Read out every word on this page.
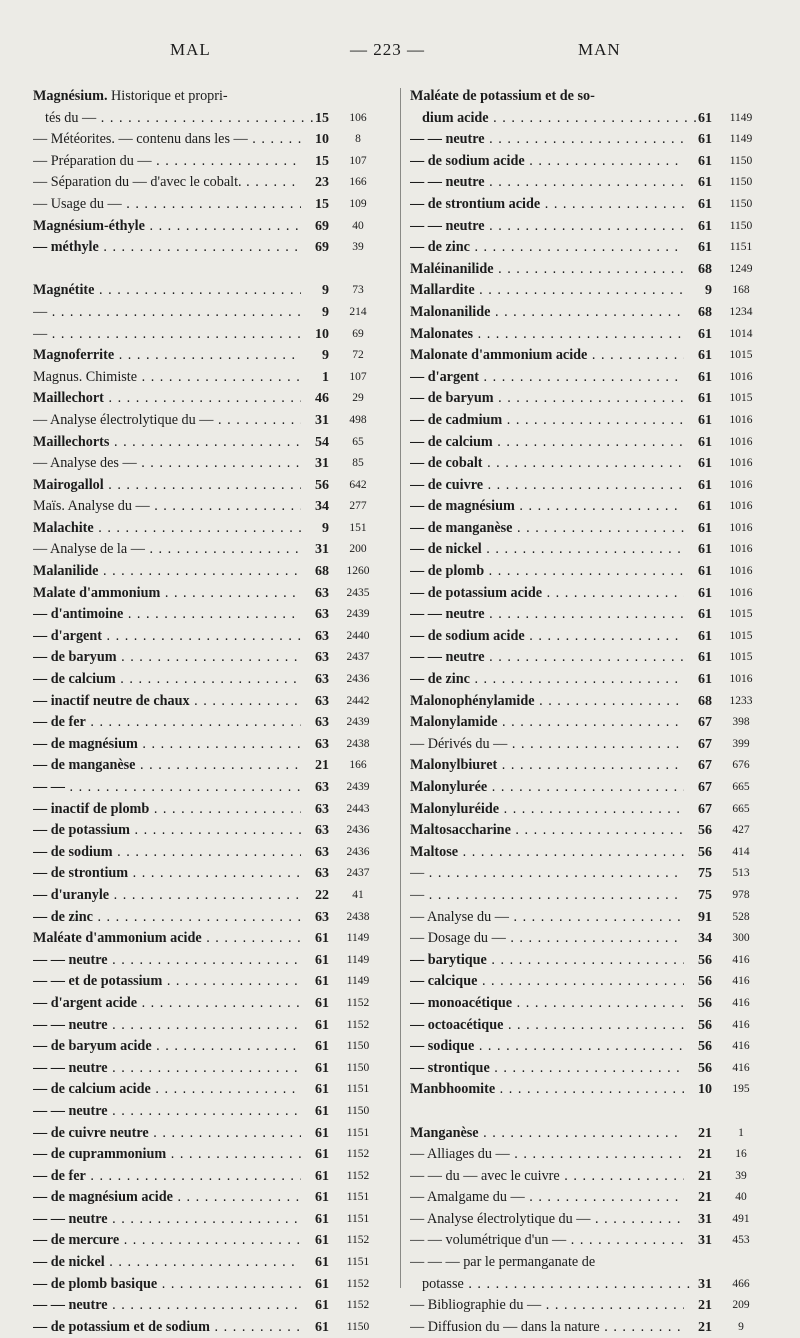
MAL	— 223 —	MAN
Magnésium. Historique et propri-
tés du — . . .	15	106
— Météorites. — contenu dans les — . . .	10	8
— Préparation du — . . .	15	107
— Séparation du — d'avec le cobalt. . . .	23	166
— Usage du — . . .	15	109
Magnésium-éthyle . . .	69	40
— méthyle . . .	69	39
Magnétite . . .	9	73
— . . .	9	214
— . . .	10	69
Magnoferrite . . .	9	72
Magnus. Chimiste . . .	1	107
Maillechort . . .	46	29
— Analyse électrolytique du — . . .	31	498
Maillechorts . . .	54	65
— Analyse des — . . .	31	85
Mairogallol . . .	56	642
Maïs. Analyse du — . . .	34	277
Malachite . . .	9	151
— Analyse de la — . . .	31	200
Malanilide . . .	68	1260
Malate d'ammonium . . .	63	2435
— d'antimoine . . .	63	2439
— d'argent . . .	63	2440
— de baryum . . .	63	2437
— de calcium . . .	63	2436
— inactif neutre de chaux . . .	63	2442
— de fer . . .	63	2439
— de magnésium . . .	63	2438
— de manganèse . . .	21	166
— — . . .	63	2439
— inactif de plomb . . .	63	2443
— de potassium . . .	63	2436
— de sodium . . .	63	2436
— de strontium . . .	63	2437
— d'uranyle . . .	22	41
— de zinc . . .	63	2438
Maléate d'ammonium acide . . .	61	1149
— — neutre . . .	61	1149
— — et de potassium . . .	61	1149
— d'argent acide . . .	61	1152
— — neutre . . .	61	1152
— de baryum acide . . .	61	1150
— — neutre . . .	61	1150
— de calcium acide . . .	61	1151
— — neutre . . .	61	1150
— de cuivre neutre . . .	61	1151
— de cuprammonium . . .	61	1152
— de fer . . .	61	1152
— de magnésium acide . . .	61	1151
— — neutre . . .	61	1151
— de mercure . . .	61	1152
— de nickel . . .	61	1151
— de plomb basique . . .	61	1152
— — neutre . . .	61	1152
— de potassium et de sodium . . .	61	1150
Maléate de potassium et de so-
dium acide . . .	61	1149
— — neutre . . .	61	1149
— de sodium acide . . .	61	1150
— — neutre . . .	61	1150
— de strontium acide . . .	61	1150
— — neutre . . .	61	1150
— de zinc . . .	61	1151
Maléinanilide . . .	68	1249
Mallardite . . .	9	168
Malonanilide . . .	68	1234
Malonates . . .	61	1014
Malonate d'ammonium acide . . .	61	1015
— d'argent . . .	61	1016
— de baryum . . .	61	1015
— de cadmium . . .	61	1016
— de calcium . . .	61	1016
— de cobalt . . .	61	1016
— de cuivre . . .	61	1016
— de magnésium . . .	61	1016
— de manganèse . . .	61	1016
— de nickel . . .	61	1016
— de plomb . . .	61	1016
— de potassium acide . . .	61	1016
— — neutre . . .	61	1015
— de sodium acide . . .	61	1015
— — neutre . . .	61	1015
— de zinc . . .	61	1016
Malonophénylamide . . .	68	1233
Malonylamide . . .	67	398
— Dérivés du — . . .	67	399
Malonylbiuret . . .	67	676
Malonylurée . . .	67	665
Malonyluréide . . .	67	665
Maltosaccharine . . .	56	427
Maltose . . .	56	414
— . . .	75	513
— . . .	75	978
— Analyse du — . . .	91	528
— Dosage du — . . .	34	300
— barytique . . .	56	416
— calcique . . .	56	416
— monoacétique . . .	56	416
— octoacétique . . .	56	416
— sodique . . .	56	416
— strontique . . .	56	416
Manbhoomite . . .	10	195
Manganèse . . .	21	1
— Alliages du — . . .	21	16
— — du — avec le cuivre . . .	21	39
— Amalgame du — . . .	21	40
— Analyse électrolytique du — . . .	31	491
— — volumétrique d'un — . . .	31	453
— — — par le permanganate de
potasse . . .	31	466
— Bibliographie du — . . .	21	209
— Diffusion du — dans la nature . . .	21	9
